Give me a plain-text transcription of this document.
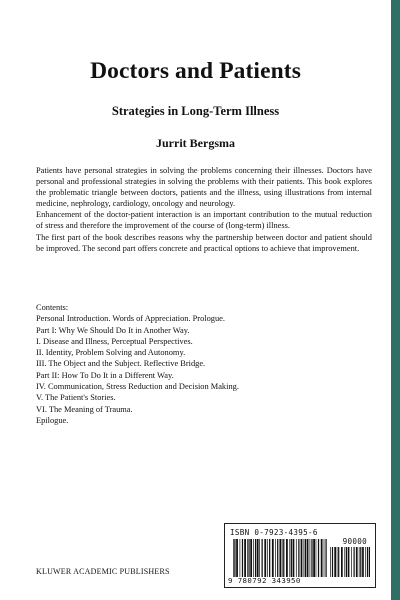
Doctors and Patients
Strategies in Long-Term Illness
Jurrit Bergsma

Patients have personal strategies in solving the problems concerning their illnesses. Doctors have personal and professional strategies in solving the problems with their patients. This book explores the problematic triangle between doctors, patients and the illness, using illustrations from internal medicine, nephrology, cardiology, oncology and neurology.

Enhancement of the doctor-patient interaction is an important contribution to the mutual reduction of stress and therefore the improvement of the course of (long-term) illness.

The first part of the book describes reasons why the partnership between doctor and patient should be improved. The second part offers concrete and practical options to achieve that improvement.

Contents:
Personal Introduction. Words of Appreciation. Prologue.
Part I: Why We Should Do It in Another Way.
I. Disease and Illness, Perceptual Perspectives.
II. Identity, Problem Solving and Autonomy.
III. The Object and the Subject. Reflective Bridge.
Part II: How To Do It in a Different Way.
IV. Communication, Stress Reduction and Decision Making.
V. The Patient's Stories.
VI. The Meaning of Trauma.
Epilogue.
KLUWER ACADEMIC PUBLISHERS
ISBN 0-7923-4395-6
90000
9 780792 343950
